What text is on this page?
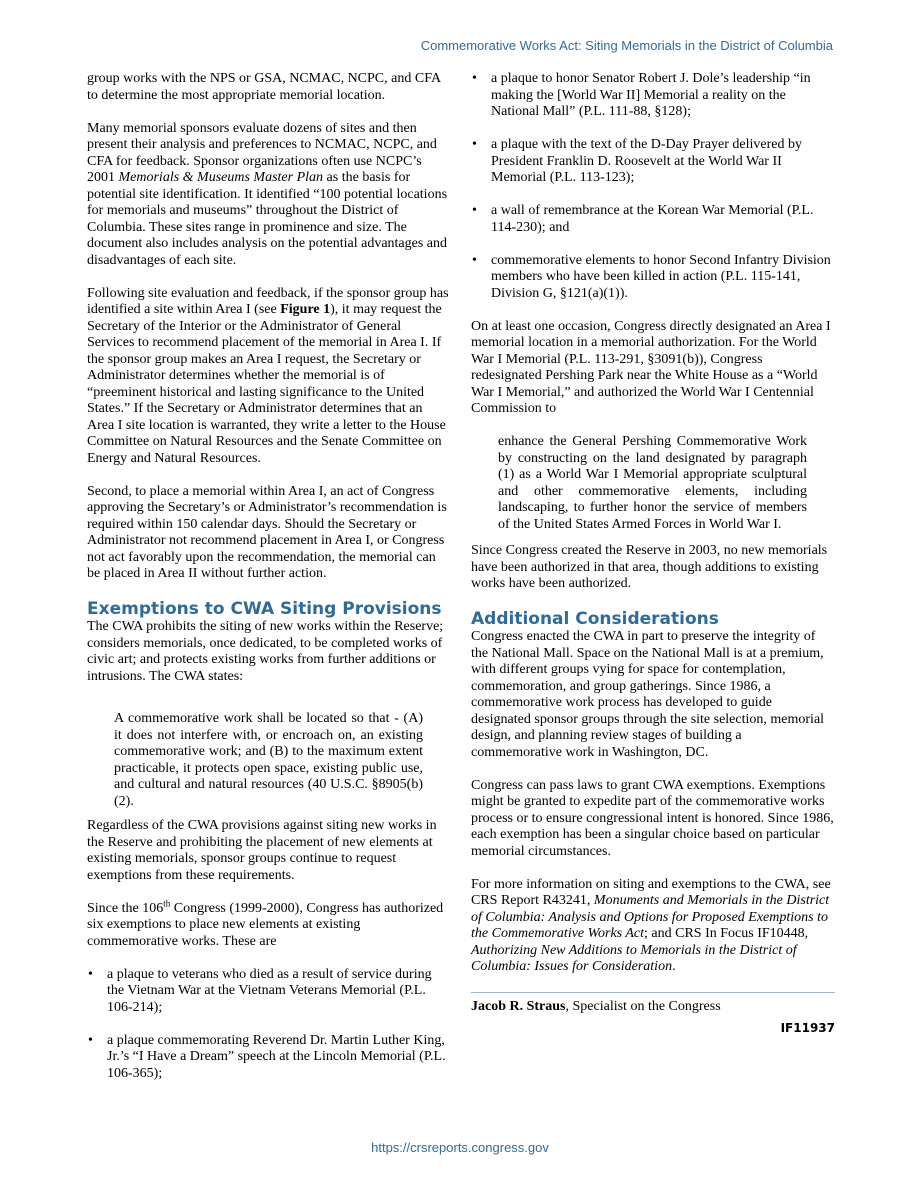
Commemorative Works Act: Siting Memorials in the District of Columbia

group works with the NPS or GSA, NCMAC, NCPC, and CFA to determine the most appropriate memorial location.

Many memorial sponsors evaluate dozens of sites and then present their analysis and preferences to NCMAC, NCPC, and CFA for feedback. Sponsor organizations often use NCPC’s 2001 Memorials & Museums Master Plan as the basis for potential site identification. It identified “100 potential locations for memorials and museums” throughout the District of Columbia. These sites range in prominence and size. The document also includes analysis on the potential advantages and disadvantages of each site.

Following site evaluation and feedback, if the sponsor group has identified a site within Area I (see Figure 1), it may request the Secretary of the Interior or the Administrator of General Services to recommend placement of the memorial in Area I. If the sponsor group makes an Area I request, the Secretary or Administrator determines whether the memorial is of “preeminent historical and lasting significance to the United States.” If the Secretary or Administrator determines that an Area I site location is warranted, they write a letter to the House Committee on Natural Resources and the Senate Committee on Energy and Natural Resources.

Second, to place a memorial within Area I, an act of Congress approving the Secretary’s or Administrator’s recommendation is required within 150 calendar days. Should the Secretary or Administrator not recommend placement in Area I, or Congress not act favorably upon the recommendation, the memorial can be placed in Area II without further action.

Exemptions to CWA Siting Provisions

The CWA prohibits the siting of new works within the Reserve; considers memorials, once dedicated, to be completed works of civic art; and protects existing works from further additions or intrusions. The CWA states:

A commemorative work shall be located so that - (A) it does not interfere with, or encroach on, an existing commemorative work; and (B) to the maximum extent practicable, it protects open space, existing public use, and cultural and natural resources (40 U.S.C. §8905(b)(2).

Regardless of the CWA provisions against siting new works in the Reserve and prohibiting the placement of new elements at existing memorials, sponsor groups continue to request exemptions from these requirements.

Since the 106th Congress (1999-2000), Congress has authorized six exemptions to place new elements at existing commemorative works. These are

• a plaque to veterans who died as a result of service during the Vietnam War at the Vietnam Veterans Memorial (P.L. 106-214);
• a plaque commemorating Reverend Dr. Martin Luther King, Jr.’s “I Have a Dream” speech at the Lincoln Memorial (P.L. 106-365);
• a plaque to honor Senator Robert J. Dole’s leadership “in making the [World War II] Memorial a reality on the National Mall” (P.L. 111-88, §128);
• a plaque with the text of the D-Day Prayer delivered by President Franklin D. Roosevelt at the World War II Memorial (P.L. 113-123);
• a wall of remembrance at the Korean War Memorial (P.L. 114-230); and
• commemorative elements to honor Second Infantry Division members who have been killed in action (P.L. 115-141, Division G, §121(a)(1)).

On at least one occasion, Congress directly designated an Area I memorial location in a memorial authorization. For the World War I Memorial (P.L. 113-291, §3091(b)), Congress redesignated Pershing Park near the White House as a “World War I Memorial,” and authorized the World War I Centennial Commission to

enhance the General Pershing Commemorative Work by constructing on the land designated by paragraph (1) as a World War I Memorial appropriate sculptural and other commemorative elements, including landscaping, to further honor the service of members of the United States Armed Forces in World War I.

Since Congress created the Reserve in 2003, no new memorials have been authorized in that area, though additions to existing works have been authorized.

Additional Considerations

Congress enacted the CWA in part to preserve the integrity of the National Mall. Space on the National Mall is at a premium, with different groups vying for space for contemplation, commemoration, and group gatherings. Since 1986, a commemorative work process has developed to guide designated sponsor groups through the site selection, memorial design, and planning review stages of building a commemorative work in Washington, DC.

Congress can pass laws to grant CWA exemptions. Exemptions might be granted to expedite part of the commemorative works process or to ensure congressional intent is honored. Since 1986, each exemption has been a singular choice based on particular memorial circumstances.

For more information on siting and exemptions to the CWA, see CRS Report R43241, Monuments and Memorials in the District of Columbia: Analysis and Options for Proposed Exemptions to the Commemorative Works Act; and CRS In Focus IF10448, Authorizing New Additions to Memorials in the District of Columbia: Issues for Consideration.

Jacob R. Straus, Specialist on the Congress
IF11937
https://crsreports.congress.gov
